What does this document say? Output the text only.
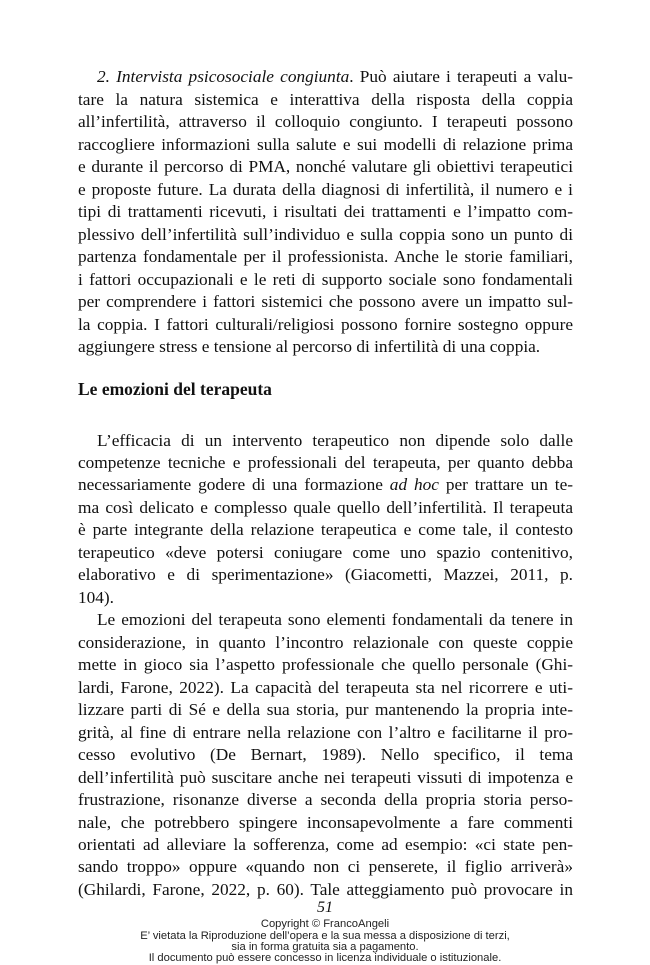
2. Intervista psicosociale congiunta. Può aiutare i terapeuti a valu-
tare la natura sistemica e interattiva della risposta della coppia
all’infertilità, attraverso il colloquio congiunto. I terapeuti possono
raccogliere informazioni sulla salute e sui modelli di relazione prima
e durante il percorso di PMA, nonché valutare gli obiettivi terapeutici
e proposte future. La durata della diagnosi di infertilità, il numero e i
tipi di trattamenti ricevuti, i risultati dei trattamenti e l’impatto com-
plessivo dell’infertilità sull’individuo e sulla coppia sono un punto di
partenza fondamentale per il professionista. Anche le storie familiari,
i fattori occupazionali e le reti di supporto sociale sono fondamentali
per comprendere i fattori sistemici che possono avere un impatto sul-
la coppia. I fattori culturali/religiosi possono fornire sostegno oppure
aggiungere stress e tensione al percorso di infertilità di una coppia.
Le emozioni del terapeuta
L’efficacia di un intervento terapeutico non dipende solo dalle
competenze tecniche e professionali del terapeuta, per quanto debba
necessariamente godere di una formazione ad hoc per trattare un te-
ma così delicato e complesso quale quello dell’infertilità. Il terapeuta
è parte integrante della relazione terapeutica e come tale, il contesto
terapeutico «deve potersi coniugare come uno spazio contenitivo,
elaborativo e di sperimentazione» (Giacometti, Mazzei, 2011, p.
104).
Le emozioni del terapeuta sono elementi fondamentali da tenere in
considerazione, in quanto l’incontro relazionale con queste coppie
mette in gioco sia l’aspetto professionale che quello personale (Ghi-
lardi, Farone, 2022). La capacità del terapeuta sta nel ricorrere e uti-
lizzare parti di Sé e della sua storia, pur mantenendo la propria inte-
grità, al fine di entrare nella relazione con l’altro e facilitarne il pro-
cesso evolutivo (De Bernart, 1989). Nello specifico, il tema
dell’infertilità può suscitare anche nei terapeuti vissuti di impotenza e
frustrazione, risonanze diverse a seconda della propria storia perso-
nale, che potrebbero spingere inconsapevolmente a fare commenti
orientati ad alleviare la sofferenza, come ad esempio: «ci state pen-
sando troppo» oppure «quando non ci penserete, il figlio arriverà»
(Ghilardi, Farone, 2022, p. 60). Tale atteggiamento può provocare in
51
Copyright © FrancoAngeli
E’ vietata la Riproduzione dell’opera e la sua messa a disposizione di terzi,
sia in forma gratuita sia a pagamento.
Il documento può essere concesso in licenza individuale o istituzionale.
